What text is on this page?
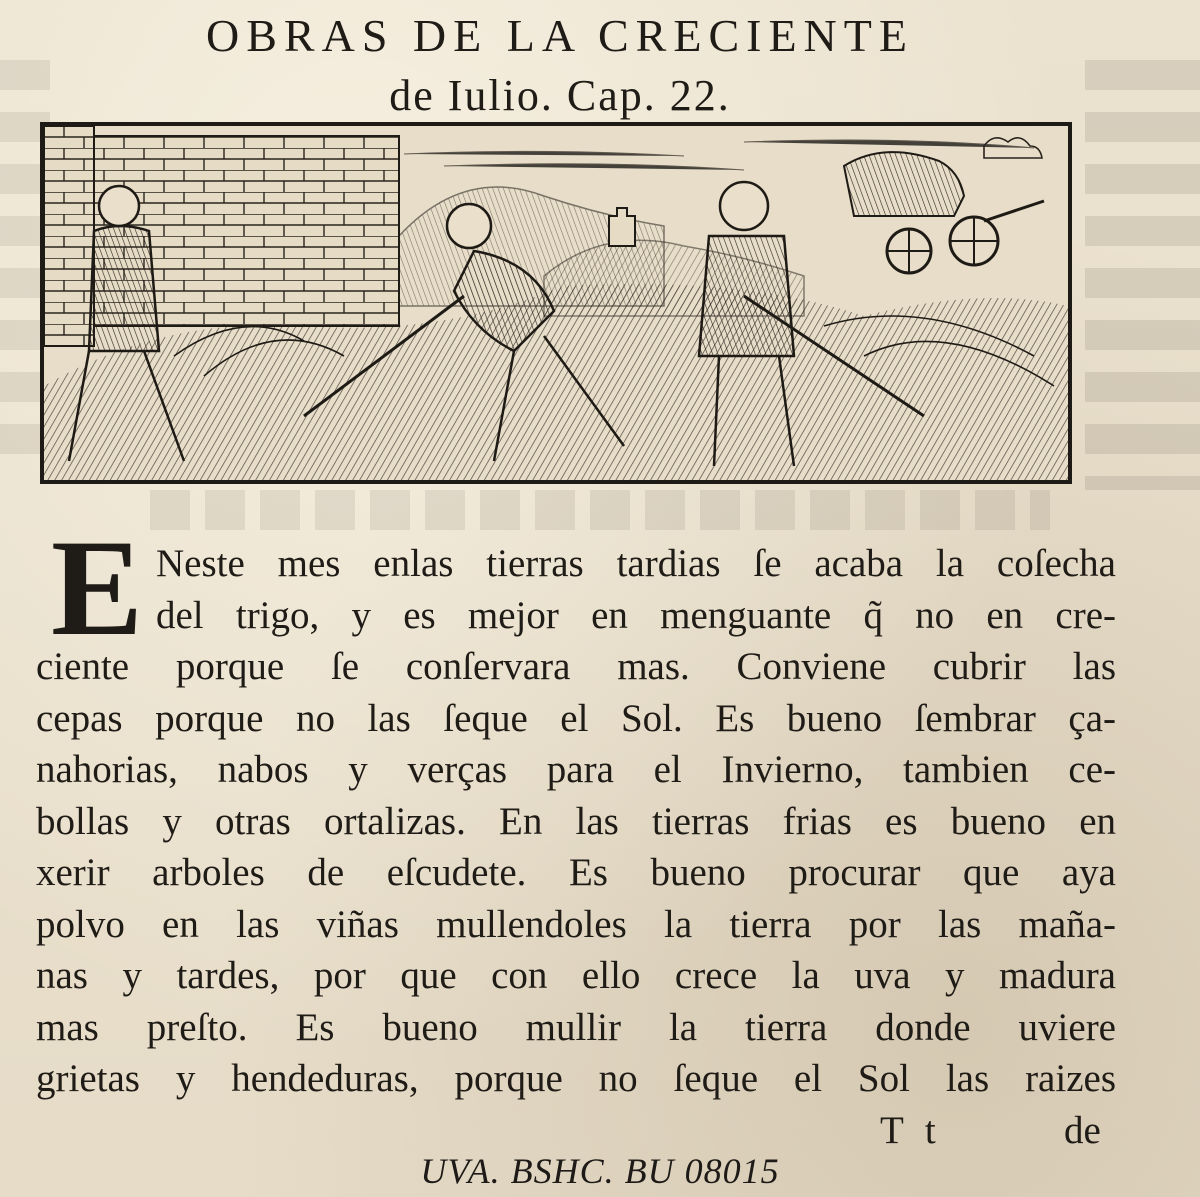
OBRAS DE LA CRECIENTE
de Iulio. Cap. 22.
E Neste mes enlas tierras tardias ſe acaba la coſecha
del trigo, y es mejor en menguante q̃ no en cre-
ciente porque ſe conſervara mas. Conviene cubrir las
cepas porque no las ſeque el Sol. Es bueno ſembrar ça-
nahorias, nabos y verças para el Invierno, tambien ce-
bollas y otras ortalizas. En las tierras frias es bueno en
xerir arboles de eſcudete. Es bueno procurar que aya
polvo en las viñas mullendoles la tierra por las maña-
nas y tardes, por que con ello crece la uva y madura
mas preſto. Es bueno mullir la tierra donde uviere
grietas y hendeduras, porque no ſeque el Sol las raizes
T t	de
UVA. BSHC. BU 08015
